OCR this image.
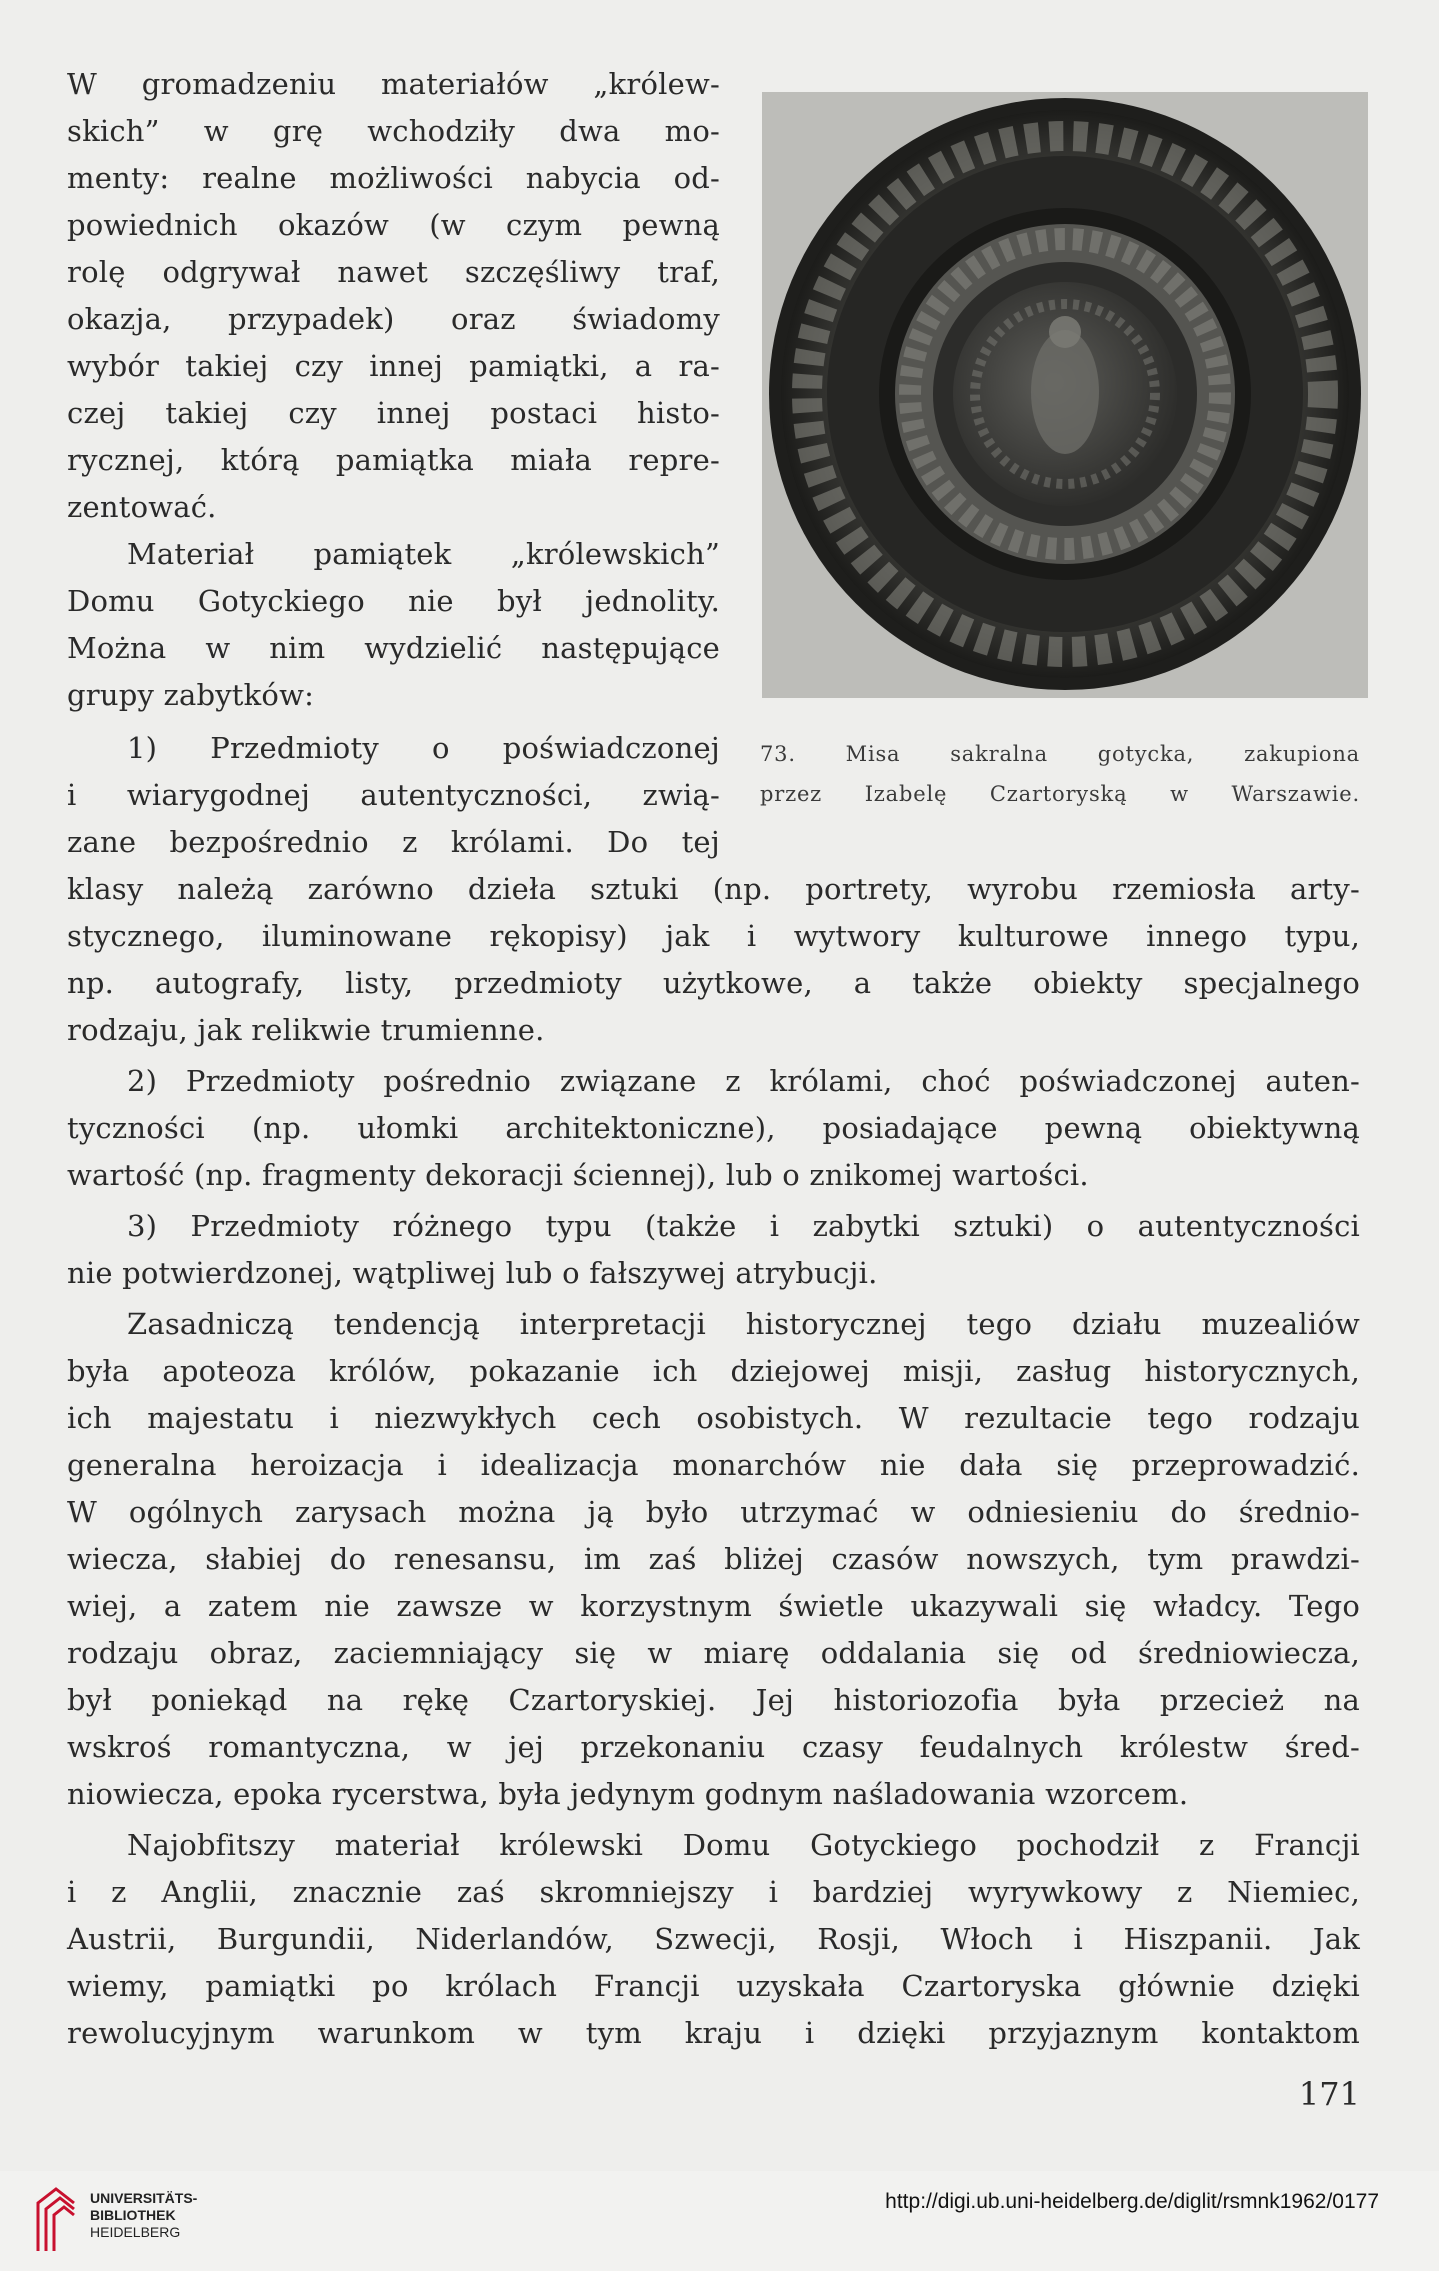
W gromadzeniu materiałów „królew-

skich” w grę wchodziły dwa mo-

menty: realne możliwości nabycia od-

powiednich okazów (w czym pewną

rolę odgrywał nawet szczęśliwy traf,

okazja, przypadek) oraz świadomy

wybór takiej czy innej pamiątki, a ra-

czej takiej czy innej postaci histo-

rycznej, którą pamiątka miała repre-

zentować.

Materiał pamiątek „królewskich”

Domu Gotyckiego nie był jednolity.

Można w nim wydzielić następujące

grupy zabytków:

1) Przedmioty o poświadczonej

i wiarygodnej autentyczności, zwią-

zane bezpośrednio z królami. Do tej

73. Misa sakralna gotycka, zakupiona

przez Izabelę Czartoryską w Warszawie.

klasy należą zarówno dzieła sztuki (np. portrety, wyrobu rzemiosła arty-

stycznego, iluminowane rękopisy) jak i wytwory kulturowe innego typu,

np. autografy, listy, przedmioty użytkowe, a także obiekty specjalnego

rodzaju, jak relikwie trumienne.

2) Przedmioty pośrednio związane z królami, choć poświadczonej auten-

tyczności (np. ułomki architektoniczne), posiadające pewną obiektywną

wartość (np. fragmenty dekoracji ściennej), lub o znikomej wartości.

3) Przedmioty różnego typu (także i zabytki sztuki) o autentyczności

nie potwierdzonej, wątpliwej lub o fałszywej atrybucji.

Zasadniczą tendencją interpretacji historycznej tego działu muzealiów

była apoteoza królów, pokazanie ich dziejowej misji, zasług historycznych,

ich majestatu i niezwykłych cech osobistych. W rezultacie tego rodzaju

generalna heroizacja i idealizacja monarchów nie dała się przeprowadzić.

W ogólnych zarysach można ją było utrzymać w odniesieniu do średnio-

wiecza, słabiej do renesansu, im zaś bliżej czasów nowszych, tym prawdzi-

wiej, a zatem nie zawsze w korzystnym świetle ukazywali się władcy. Tego

rodzaju obraz, zaciemniający się w miarę oddalania się od średniowiecza,

był poniekąd na rękę Czartoryskiej. Jej historiozofia była przecież na

wskroś romantyczna, w jej przekonaniu czasy feudalnych królestw śred-

niowiecza, epoka rycerstwa, była jedynym godnym naśladowania wzorcem.

Najobfitszy materiał królewski Domu Gotyckiego pochodził z Francji

i z Anglii, znacznie zaś skromniejszy i bardziej wyrywkowy z Niemiec,

Austrii, Burgundii, Niderlandów, Szwecji, Rosji, Włoch i Hiszpanii. Jak

wiemy, pamiątki po królach Francji uzyskała Czartoryska głównie dzięki

rewolucyjnym warunkom w tym kraju i dzięki przyjaznym kontaktom

171
UNIVERSITÄTS-
BIBLIOTHEK
HEIDELBERG
http://digi.ub.uni-heidelberg.de/diglit/rsmnk1962/0177
